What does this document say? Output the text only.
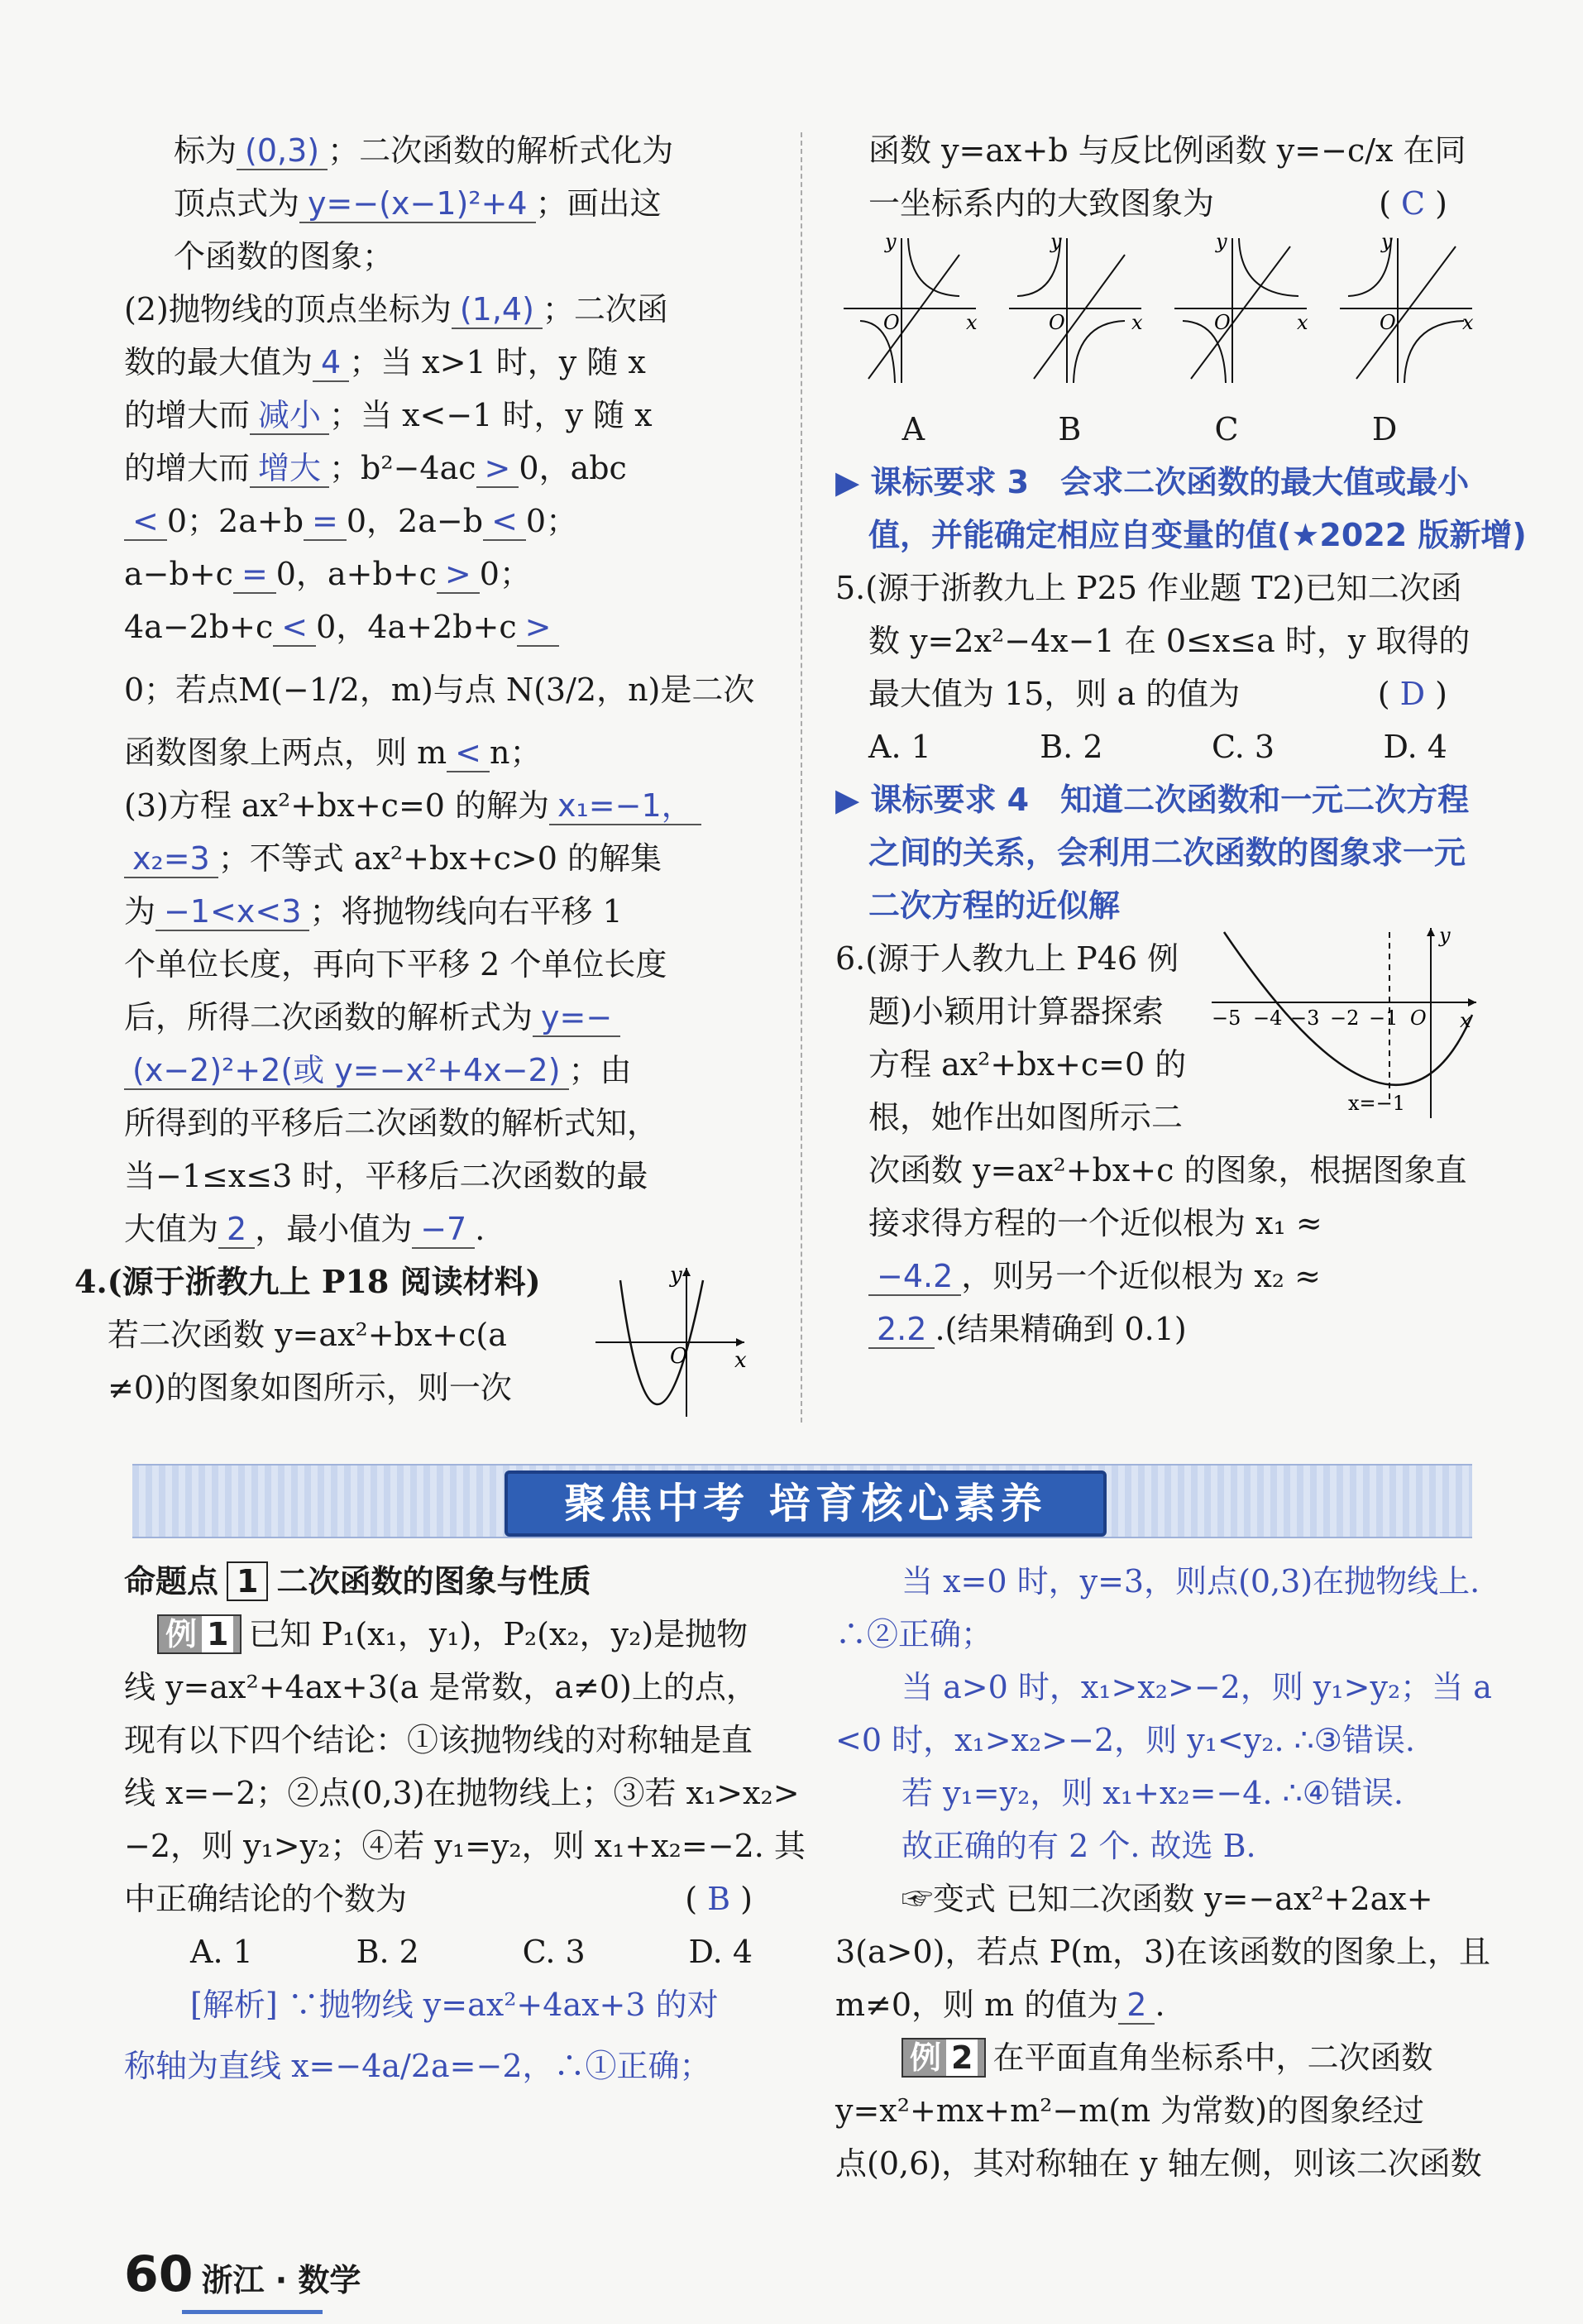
标为 (0,3) ；二次函数的解析式化为
顶点式为 y=−(x−1)²+4 ；画出这
个函数的图象；
(2)抛物线的顶点坐标为 (1,4) ；二次函
数的最大值为 4 ；当 x>1 时，y 随 x
的增大而 减小 ；当 x<−1 时，y 随 x
的增大而 增大 ；b²−4ac > 0，abc
< 0；2a+b = 0，2a−b < 0；
a−b+c = 0，a+b+c > 0；
4a−2b+c < 0，4a+2b+c >
0；若点M(−1/2，m)与点 N(3/2，n)是二次
函数图象上两点，则 m < n；
(3)方程 ax²+bx+c=0 的解为 x₁=−1，
x₂=3 ；不等式 ax²+bx+c>0 的解集
为 −1<x<3 ；将抛物线向右平移 1
个单位长度，再向下平移 2 个单位长度
后，所得二次函数的解析式为 y=−
(x−2)²+2(或 y=−x²+4x−2) ；由
所得到的平移后二次函数的解析式知，
当−1≤x≤3 时，平移后二次函数的最
大值为 2 ，最小值为 −7 .
4.(源于浙教九上 P18 阅读材料)
若二次函数 y=ax²+bx+c(a
≠0)的图象如图所示，则一次
O x
y
函数 y=ax+b 与反比例函数 y=−c/x 在同
一坐标系内的大致图象为	( C )
O	x
y
O	x
y
O	x
y
O	x
y
A	B	C	D
▶ 课标要求 3　会求二次函数的最大值或最小
值，并能确定相应自变量的值(★2022 版新增)
5.(源于浙教九上 P25 作业题 T2)已知二次函
数 y=2x²−4x−1 在 0≤x≤a 时，y 取得的
最大值为 15，则 a 的值为	( D )
A. 1	B. 2	C. 3	D. 4
▶ 课标要求 4　知道二次函数和一元二次方程
之间的关系，会利用二次函数的图象求一元
二次方程的近似解
6.(源于人教九上 P46 例
题)小颖用计算器探索
方程 ax²+bx+c=0 的
根，她作出如图所示二
次函数 y=ax²+bx+c 的图象，根据图象直
接求得方程的一个近似根为 x₁ ≈
−4.2 ，则另一个近似根为 x₂ ≈
2.2 .(结果精确到 0.1)
−5 −4 −3 −2 −1 O x
y
x=−1
聚焦中考 培育核心素养
命题点 1 二次函数的图象与性质
例 1 已知 P₁(x₁，y₁)，P₂(x₂，y₂)是抛物
线 y=ax²+4ax+3(a 是常数，a≠0)上的点，
现有以下四个结论：①该抛物线的对称轴是直
线 x=−2；②点(0,3)在抛物线上；③若 x₁>x₂>
−2，则 y₁>y₂；④若 y₁=y₂，则 x₁+x₂=−2. 其
中正确结论的个数为	( B )
A. 1	B. 2	C. 3	D. 4
[解析] ∵抛物线 y=ax²+4ax+3 的对
称轴为直线 x=−4a/2a=−2，∴①正确；
当 x=0 时，y=3，则点(0,3)在抛物线上.
∴②正确；
当 a>0 时，x₁>x₂>−2，则 y₁>y₂；当 a
<0 时，x₁>x₂>−2，则 y₁<y₂. ∴③错误.
若 y₁=y₂，则 x₁+x₂=−4. ∴④错误.
故正确的有 2 个. 故选 B.
☞变式 已知二次函数 y=−ax²+2ax+
3(a>0)，若点 P(m，3)在该函数的图象上，且
m≠0，则 m 的值为 2 .
例 2 在平面直角坐标系中，二次函数
y=x²+mx+m²−m(m 为常数)的图象经过
点(0,6)，其对称轴在 y 轴左侧，则该二次函数
60 浙江 · 数学
